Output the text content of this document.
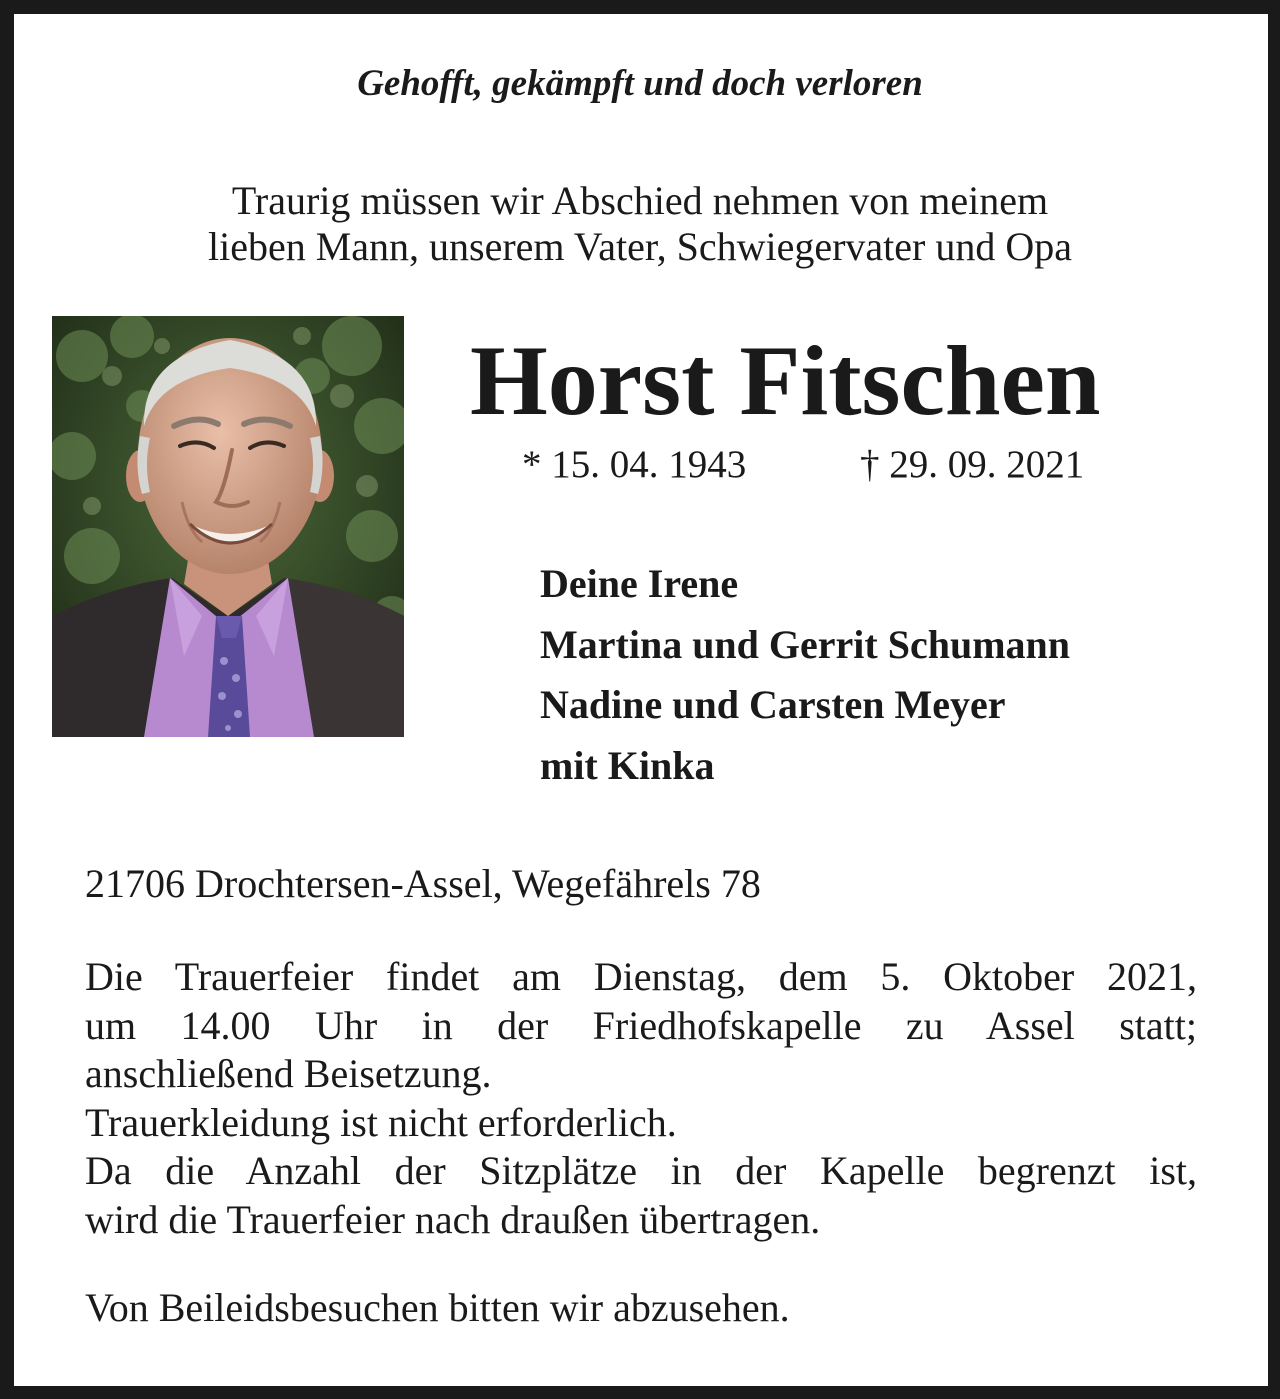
Gehofft, gekämpft und doch verloren
Traurig müssen wir Abschied nehmen von meinem
lieben Mann, unserem Vater, Schwiegervater und Opa
Horst Fitschen
* 15. 04. 1943	† 29. 09. 2021
Deine Irene
Martina und Gerrit Schumann
Nadine und Carsten Meyer
mit Kinka
21706 Drochtersen-Assel, Wegefährels 78
Die Trauerfeier findet am Dienstag, dem 5. Oktober 2021,
um 14.00 Uhr in der Friedhofskapelle zu Assel statt;
anschließend Beisetzung.
Trauerkleidung ist nicht erforderlich.
Da die Anzahl der Sitzplätze in der Kapelle begrenzt ist,
wird die Trauerfeier nach draußen übertragen.
Von Beileidsbesuchen bitten wir abzusehen.
